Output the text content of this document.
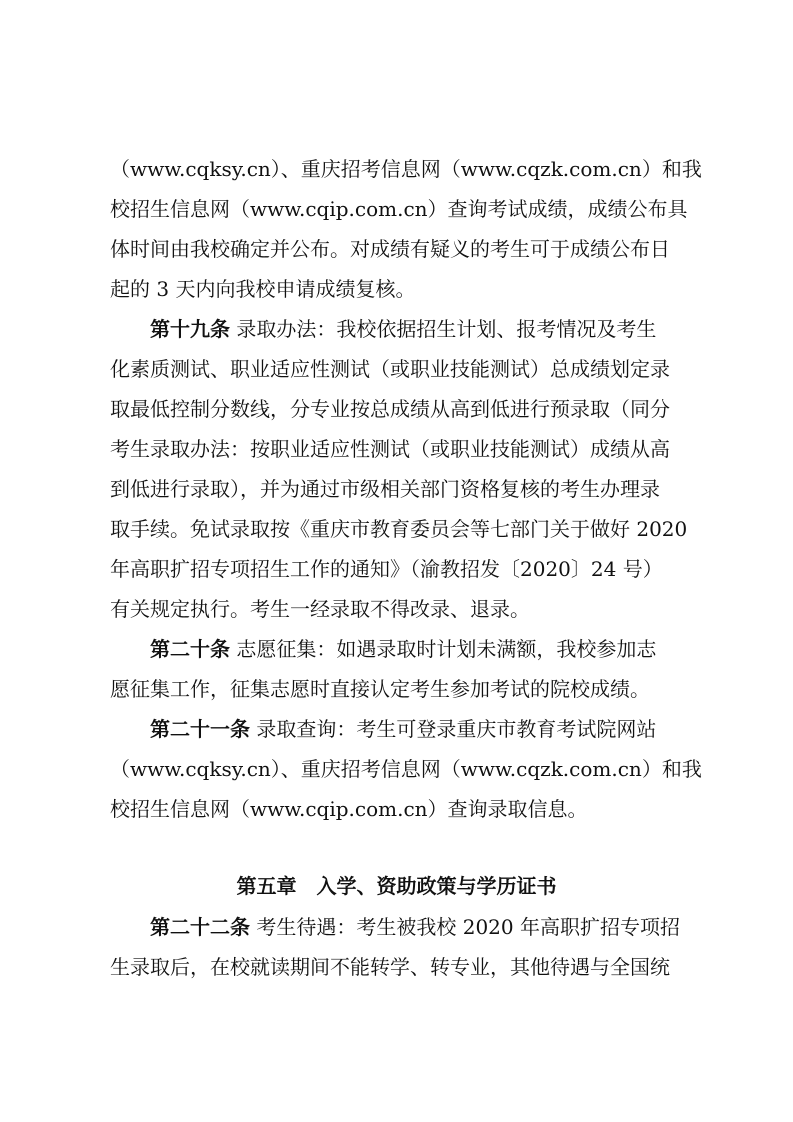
（www.cqksy.cn）、重庆招考信息网（www.cqzk.com.cn）和我
校招生信息网（www.cqip.com.cn）查询考试成绩，成绩公布具
体时间由我校确定并公布。对成绩有疑义的考生可于成绩公布日
起的 3 天内向我校申请成绩复核。
第十九条 录取办法：我校依据招生计划、报考情况及考生
化素质测试、职业适应性测试（或职业技能测试）总成绩划定录
取最低控制分数线，分专业按总成绩从高到低进行预录取（同分
考生录取办法：按职业适应性测试（或职业技能测试）成绩从高
到低进行录取），并为通过市级相关部门资格复核的考生办理录
取手续。免试录取按《重庆市教育委员会等七部门关于做好 2020
年高职扩招专项招生工作的通知》（渝教招发〔2020〕24 号）
有关规定执行。考生一经录取不得改录、退录。
第二十条 志愿征集：如遇录取时计划未满额，我校参加志
愿征集工作，征集志愿时直接认定考生参加考试的院校成绩。
第二十一条 录取查询：考生可登录重庆市教育考试院网站
（www.cqksy.cn）、重庆招考信息网（www.cqzk.com.cn）和我
校招生信息网（www.cqip.com.cn）查询录取信息。
第五章　入学、资助政策与学历证书
第二十二条 考生待遇：考生被我校 2020 年高职扩招专项招
生录取后，在校就读期间不能转学、转专业，其他待遇与全国统
